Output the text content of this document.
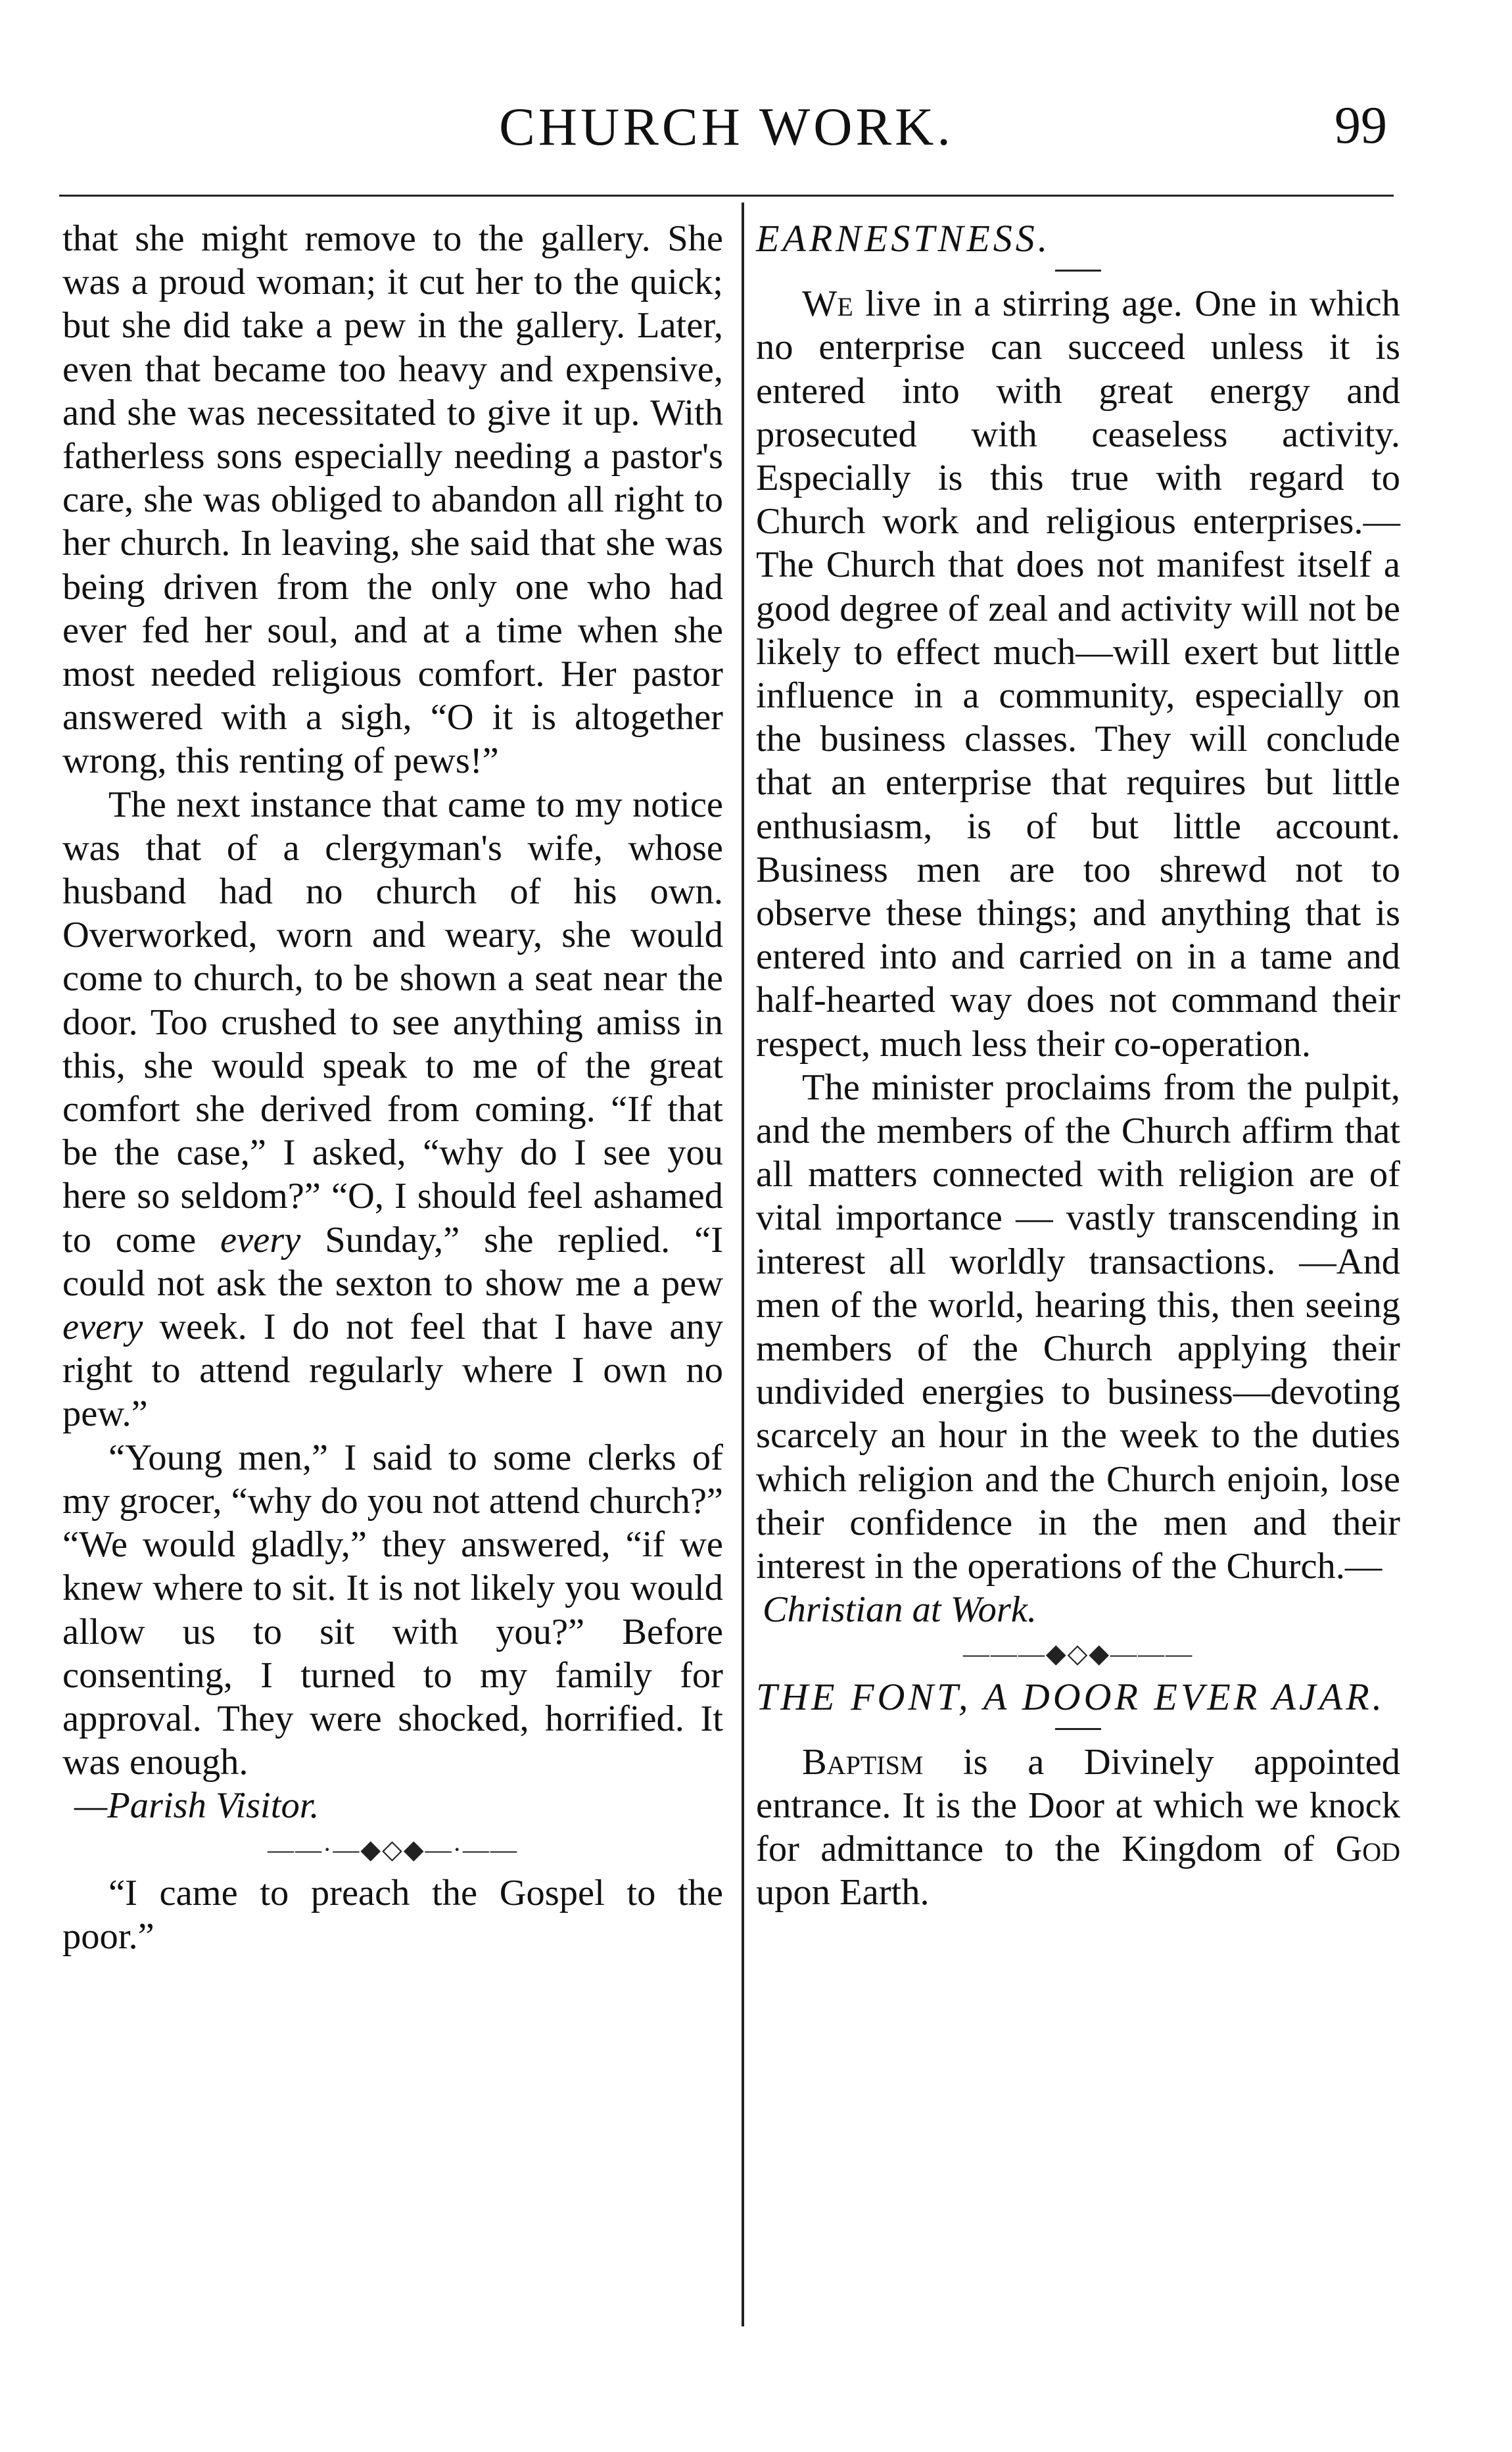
CHURCH WORK.	99

that she might remove to the gallery. She was a proud woman; it cut her to the quick; but she did take a pew in the gallery. Later, even that became too heavy and expensive, and she was necessitated to give it up. With fatherless sons especially needing a pastor's care, she was obliged to abandon all right to her church. In leaving, she said that she was being driven from the only one who had ever fed her soul, and at a time when she most needed religious comfort. Her pastor answered with a sigh, “O it is altogether wrong, this renting of pews!”

The next instance that came to my notice was that of a clergyman's wife, whose husband had no church of his own. Overworked, worn and weary, she would come to church, to be shown a seat near the door. Too crushed to see anything amiss in this, she would speak to me of the great comfort she derived from coming. “If that be the case,” I asked, “why do I see you here so seldom?” “O, I should feel ashamed to come every Sunday,” she replied. “I could not ask the sexton to show me a pew every week. I do not feel that I have any right to attend regularly where I own no pew.”

“Young men,” I said to some clerks of my grocer, “why do you not attend church?” “We would gladly,” they answered, “if we knew where to sit. It is not likely you would allow us to sit with you?” Before consenting, I turned to my family for approval. They were shocked, horrified. It was enough.

—Parish Visitor.

——·—◆◇◆—·——

“I came to preach the Gospel to the poor.”

EARNESTNESS.

We live in a stirring age. One in which no enterprise can succeed unless it is entered into with great energy and prosecuted with ceaseless activity. Especially is this true with regard to Church work and religious enterprises.—The Church that does not manifest itself a good degree of zeal and activity will not be likely to effect much—will exert but little influence in a community, especially on the business classes. They will conclude that an enterprise that requires but little enthusiasm, is of but little account. Business men are too shrewd not to observe these things; and anything that is entered into and carried on in a tame and half-hearted way does not command their respect, much less their co-operation.

The minister proclaims from the pulpit, and the members of the Church affirm that all matters connected with religion are of vital importance — vastly transcending in interest all worldly transactions. —And men of the world, hearing this, then seeing members of the Church applying their undivided energies to business—devoting scarcely an hour in the week to the duties which religion and the Church enjoin, lose their confidence in the men and their interest in the operations of the Church.—

Christian at Work.

———◆◇◆———

THE FONT, A DOOR EVER AJAR.

Baptism is a Divinely appointed entrance. It is the Door at which we knock for admittance to the Kingdom of God upon Earth.
